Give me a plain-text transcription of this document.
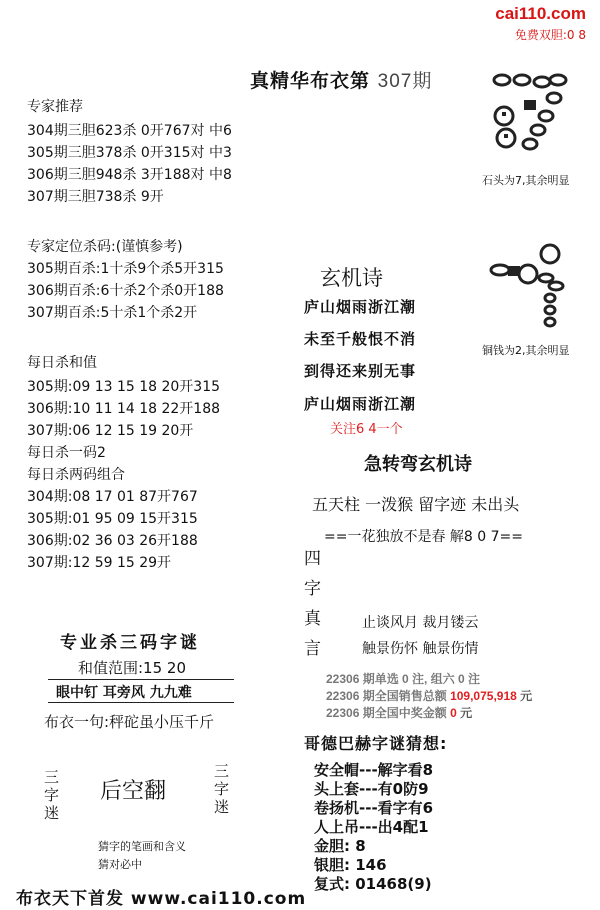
cai110.com
免费双胆:0 8
真精华布衣第 307期
专家推荐
304期三胆623杀 0开767对 中6
305期三胆378杀 0开315对 中3
306期三胆948杀 3开188对 中8
307期三胆738杀 9开
专家定位杀码:(谨慎参考)
305期百杀:1十杀9个杀5开315
306期百杀:6十杀2个杀0开188
307期百杀:5十杀1个杀2开
每日杀和值
305期:09 13 15 18 20开315
306期:10 11 14 18 22开188
307期:06 12 15 19 20开
每日杀一码2
每日杀两码组合
304期:08 17 01 87开767
305期:01 95 09 15开315
306期:02 36 03 26开188
307期:12 59 15 29开
专业杀三码字谜
和值范围:15 20
眼中钉 耳旁风 九九难
布衣一句:秤砣虽小压千斤
三
字
迷
后空翻
三
字
迷
猜字的笔画和含义
猜对必中
布衣天下首发 www.cai110.com
石头为7,其余明显
铜钱为2,其余明显
玄机诗
庐山烟雨浙江潮
未至千般恨不消
到得还来别无事
庐山烟雨浙江潮
关注6 4一个
急转弯玄机诗
五天柱 一泼猴 留字迹 未出头
==一花独放不是春 解8 0 7==
四
字
真
言
止谈风月 裁月镂云
触景伤怀 触景伤情
22306 期单选 0 注, 组六 0 注
22306 期全国销售总额 109,075,918 元
22306 期全国中奖金额 0 元
哥德巴赫字谜猜想:
安全帽---解字看8
头上套---有0防9
卷扬机---看字有6
人上吊---出4配1
金胆: 8
银胆: 146
复式: 01468(9)
